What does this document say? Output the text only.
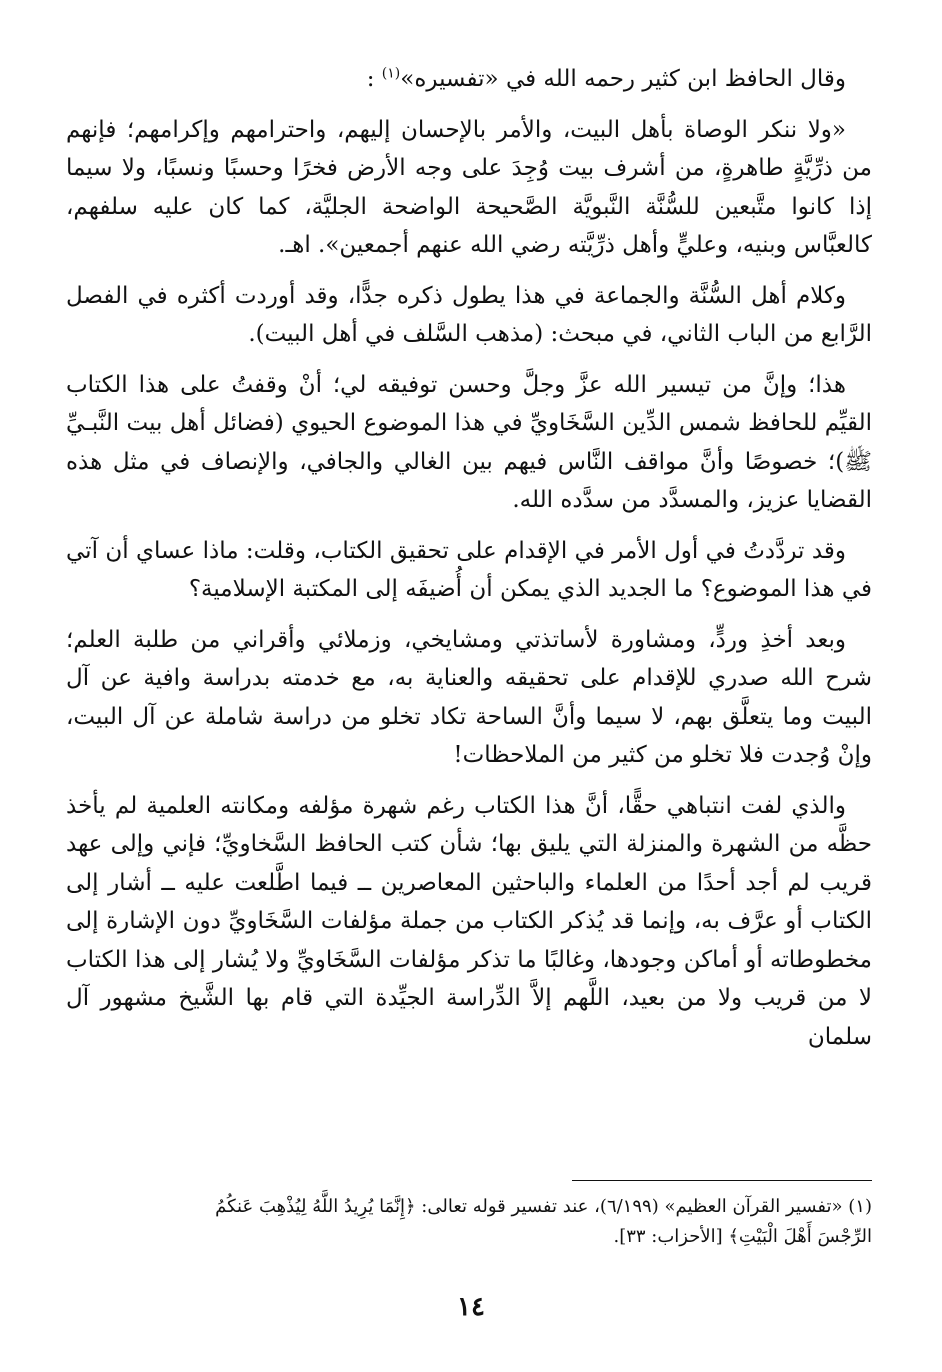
وقال الحافظ ابن كثير رحمه الله في «تفسيره»$^{(١)}$ :

«ولا ننكر الوصاة بأهل البيت، والأمر بالإحسان إليهم، واحترامهم وإكرامهم؛ فإنهم من ذرِّيَّةٍ طاهرةٍ، من أشرف بيت وُجِدَ على وجه الأرض فخرًا وحسبًا ونسبًا، ولا سيما إذا كانوا متَّبعين للسُّنَّة النَّبويَّة الصَّحيحة الواضحة الجليَّة، كما كان عليه سلفهم، كالعبَّاس وبنيه، وعليٍّ وأهل ذرِّيَّته رضي الله عنهم أجمعين». اهـ.

وكلام أهل السُّنَّة والجماعة في هذا يطول ذكره جدًّا، وقد أوردت أكثره في الفصل الرَّابع من الباب الثاني، في مبحث: (مذهب السَّلف في أهل البيت).

هذا؛ وإنَّ من تيسير الله عزَّ وجلَّ وحسن توفيقه لي؛ أنْ وقفتُ على هذا الكتاب القيِّم للحافظ شمس الدِّين السَّخَاويِّ في هذا الموضوع الحيوي (فضائل أهل بيت النَّبـيِّ ﷺ)؛ خصوصًا وأنَّ مواقف النَّاس فيهم بين الغالي والجافي، والإنصاف في مثل هذه القضايا عزيز، والمسدَّد من سدَّده الله.

وقد تردَّدتُ في أول الأمر في الإقدام على تحقيق الكتاب، وقلت: ماذا عساي أن آتي في هذا الموضوع؟ ما الجديد الذي يمكن أن أُضيفَه إلى المكتبة الإسلامية؟

وبعد أخذِ وردٍّ، ومشاورة لأساتذتي ومشايخي، وزملائي وأقراني من طلبة العلم؛ شرح الله صدري للإقدام على تحقيقه والعناية به، مع خدمته بدراسة وافية عن آل البيت وما يتعلَّق بهم، لا سيما وأنَّ الساحة تكاد تخلو من دراسة شاملة عن آل البيت، وإنْ وُجدت فلا تخلو من كثير من الملاحظات!

والذي لفت انتباهي حقًّا، أنَّ هذا الكتاب رغم شهرة مؤلفه ومكانته العلمية لم يأخذ حظَّه من الشهرة والمنزلة التي يليق بها؛ شأن كتب الحافظ السَّخاويِّ؛ فإني وإلى عهد قريب لم أجد أحدًا من العلماء والباحثين المعاصرين ــ فيما اطَّلعت عليه ــ أشار إلى الكتاب أو عرَّف به، وإنما قد يُذكر الكتاب من جملة مؤلفات السَّخَاويِّ دون الإشارة إلى مخطوطاته أو أماكن وجودها، وغالبًا ما تذكر مؤلفات السَّخَاويِّ ولا يُشار إلى هذا الكتاب لا من قريب ولا من بعيد، اللَّهم إلاَّ الدِّراسة الجيِّدة التي قام بها الشَّيخ مشهور آل سلمان

(١) «تفسير القرآن العظيم» (٦/١٩٩)، عند تفسير قوله تعالى: ﴿إِنَّمَا يُرِيدُ اللَّهُ لِيُذْهِبَ عَنكُمُ
الرِّجْسَ أَهْلَ الْبَيْتِ﴾ [الأحزاب: ٣٣].
١٤
